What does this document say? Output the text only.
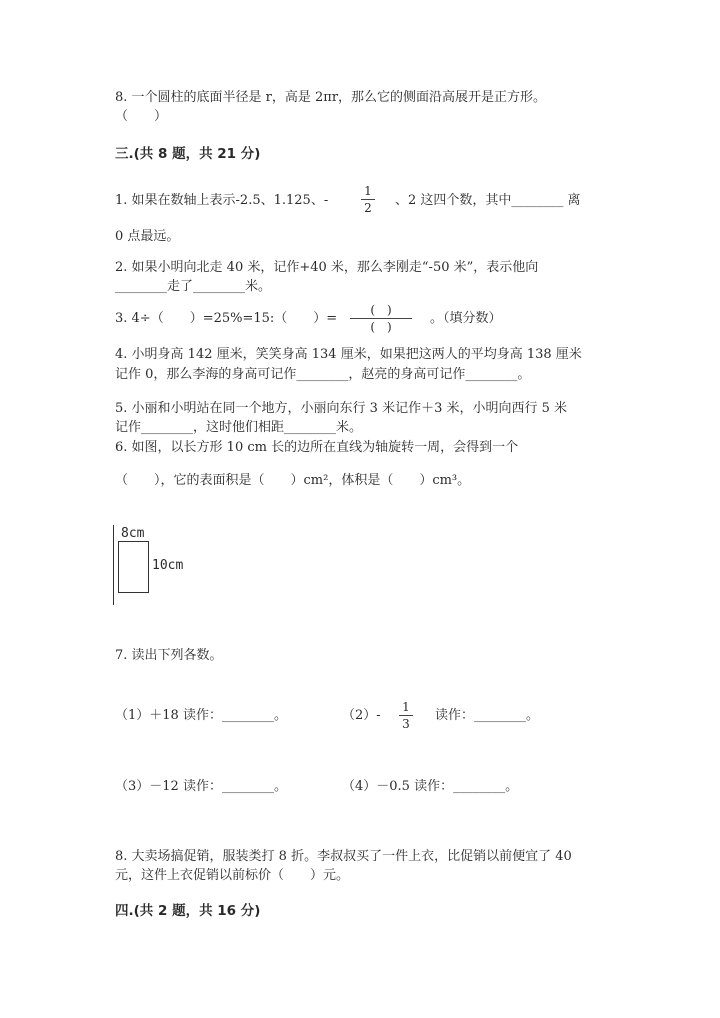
8. 一个圆柱的底面半径是 r，高是 2πr，那么它的侧面沿高展开是正方形。
（　　）
三.(共 8 题，共 21 分)
1. 如果在数轴上表示-2.5、1.125、-
1
2 、2 这四个数，其中________ 离
0 点最远。
2. 如果小明向北走 40 米，记作+40 米，那么李刚走“-50 米”，表示他向
________走了________米。
3. 4÷（　　）=25%=15:（　　）=
(　)
(　)
。（填分数）
4. 小明身高 142 厘米，笑笑身高 134 厘米，如果把这两人的平均身高 138 厘米
记作 0，那么李海的身高可记作________，赵亮的身高可记作________。
5. 小丽和小明站在同一个地方，小丽向东行 3 米记作＋3 米，小明向西行 5 米
记作________，这时他们相距________米。
6. 如图，以长方形 10 cm 长的边所在直线为轴旋转一周，会得到一个
（　　），它的表面积是（　　）cm²，体积是（　　）cm³。
8cm
10cm
7. 读出下列各数。
（1）＋18 读作：________。	（2）-
1
3
读作：________。
（3）－12 读作：________。	（4）－0.5 读作：________。
8. 大卖场搞促销，服装类打 8 折。李叔叔买了一件上衣，比促销以前便宜了 40
元，这件上衣促销以前标价（　　）元。
四.(共 2 题，共 16 分)
